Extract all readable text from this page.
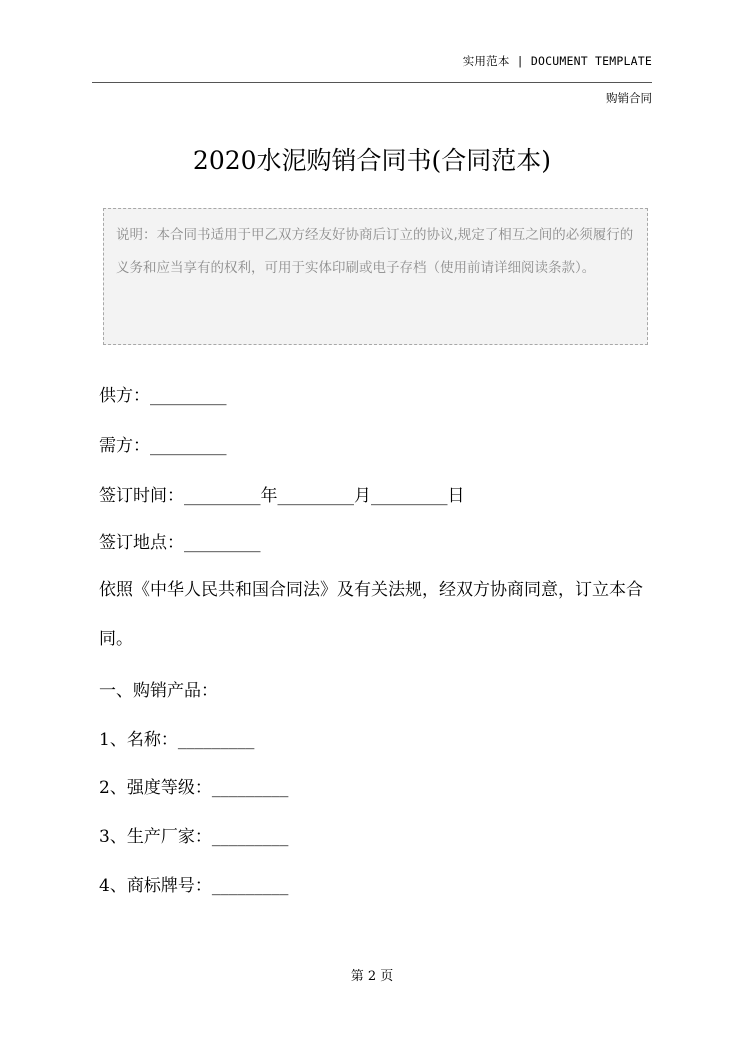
实用范本 | DOCUMENT TEMPLATE
购销合同
2020水泥购销合同书(合同范本)
说明：本合同书适用于甲乙双方经友好协商后订立的协议,规定了相互之间的必须履行的义务和应当享有的权利，可用于实体印刷或电子存档（使用前请详细阅读条款）。
供方：_________
需方：_________
签订时间：_________年_________月_________日
签订地点：_________
依照《中华人民共和国合同法》及有关法规，经双方协商同意，订立本合同。
一、购销产品：
1、名称：_________
2、强度等级：_________
3、生产厂家：_________
4、商标牌号：_________
第 2 页
